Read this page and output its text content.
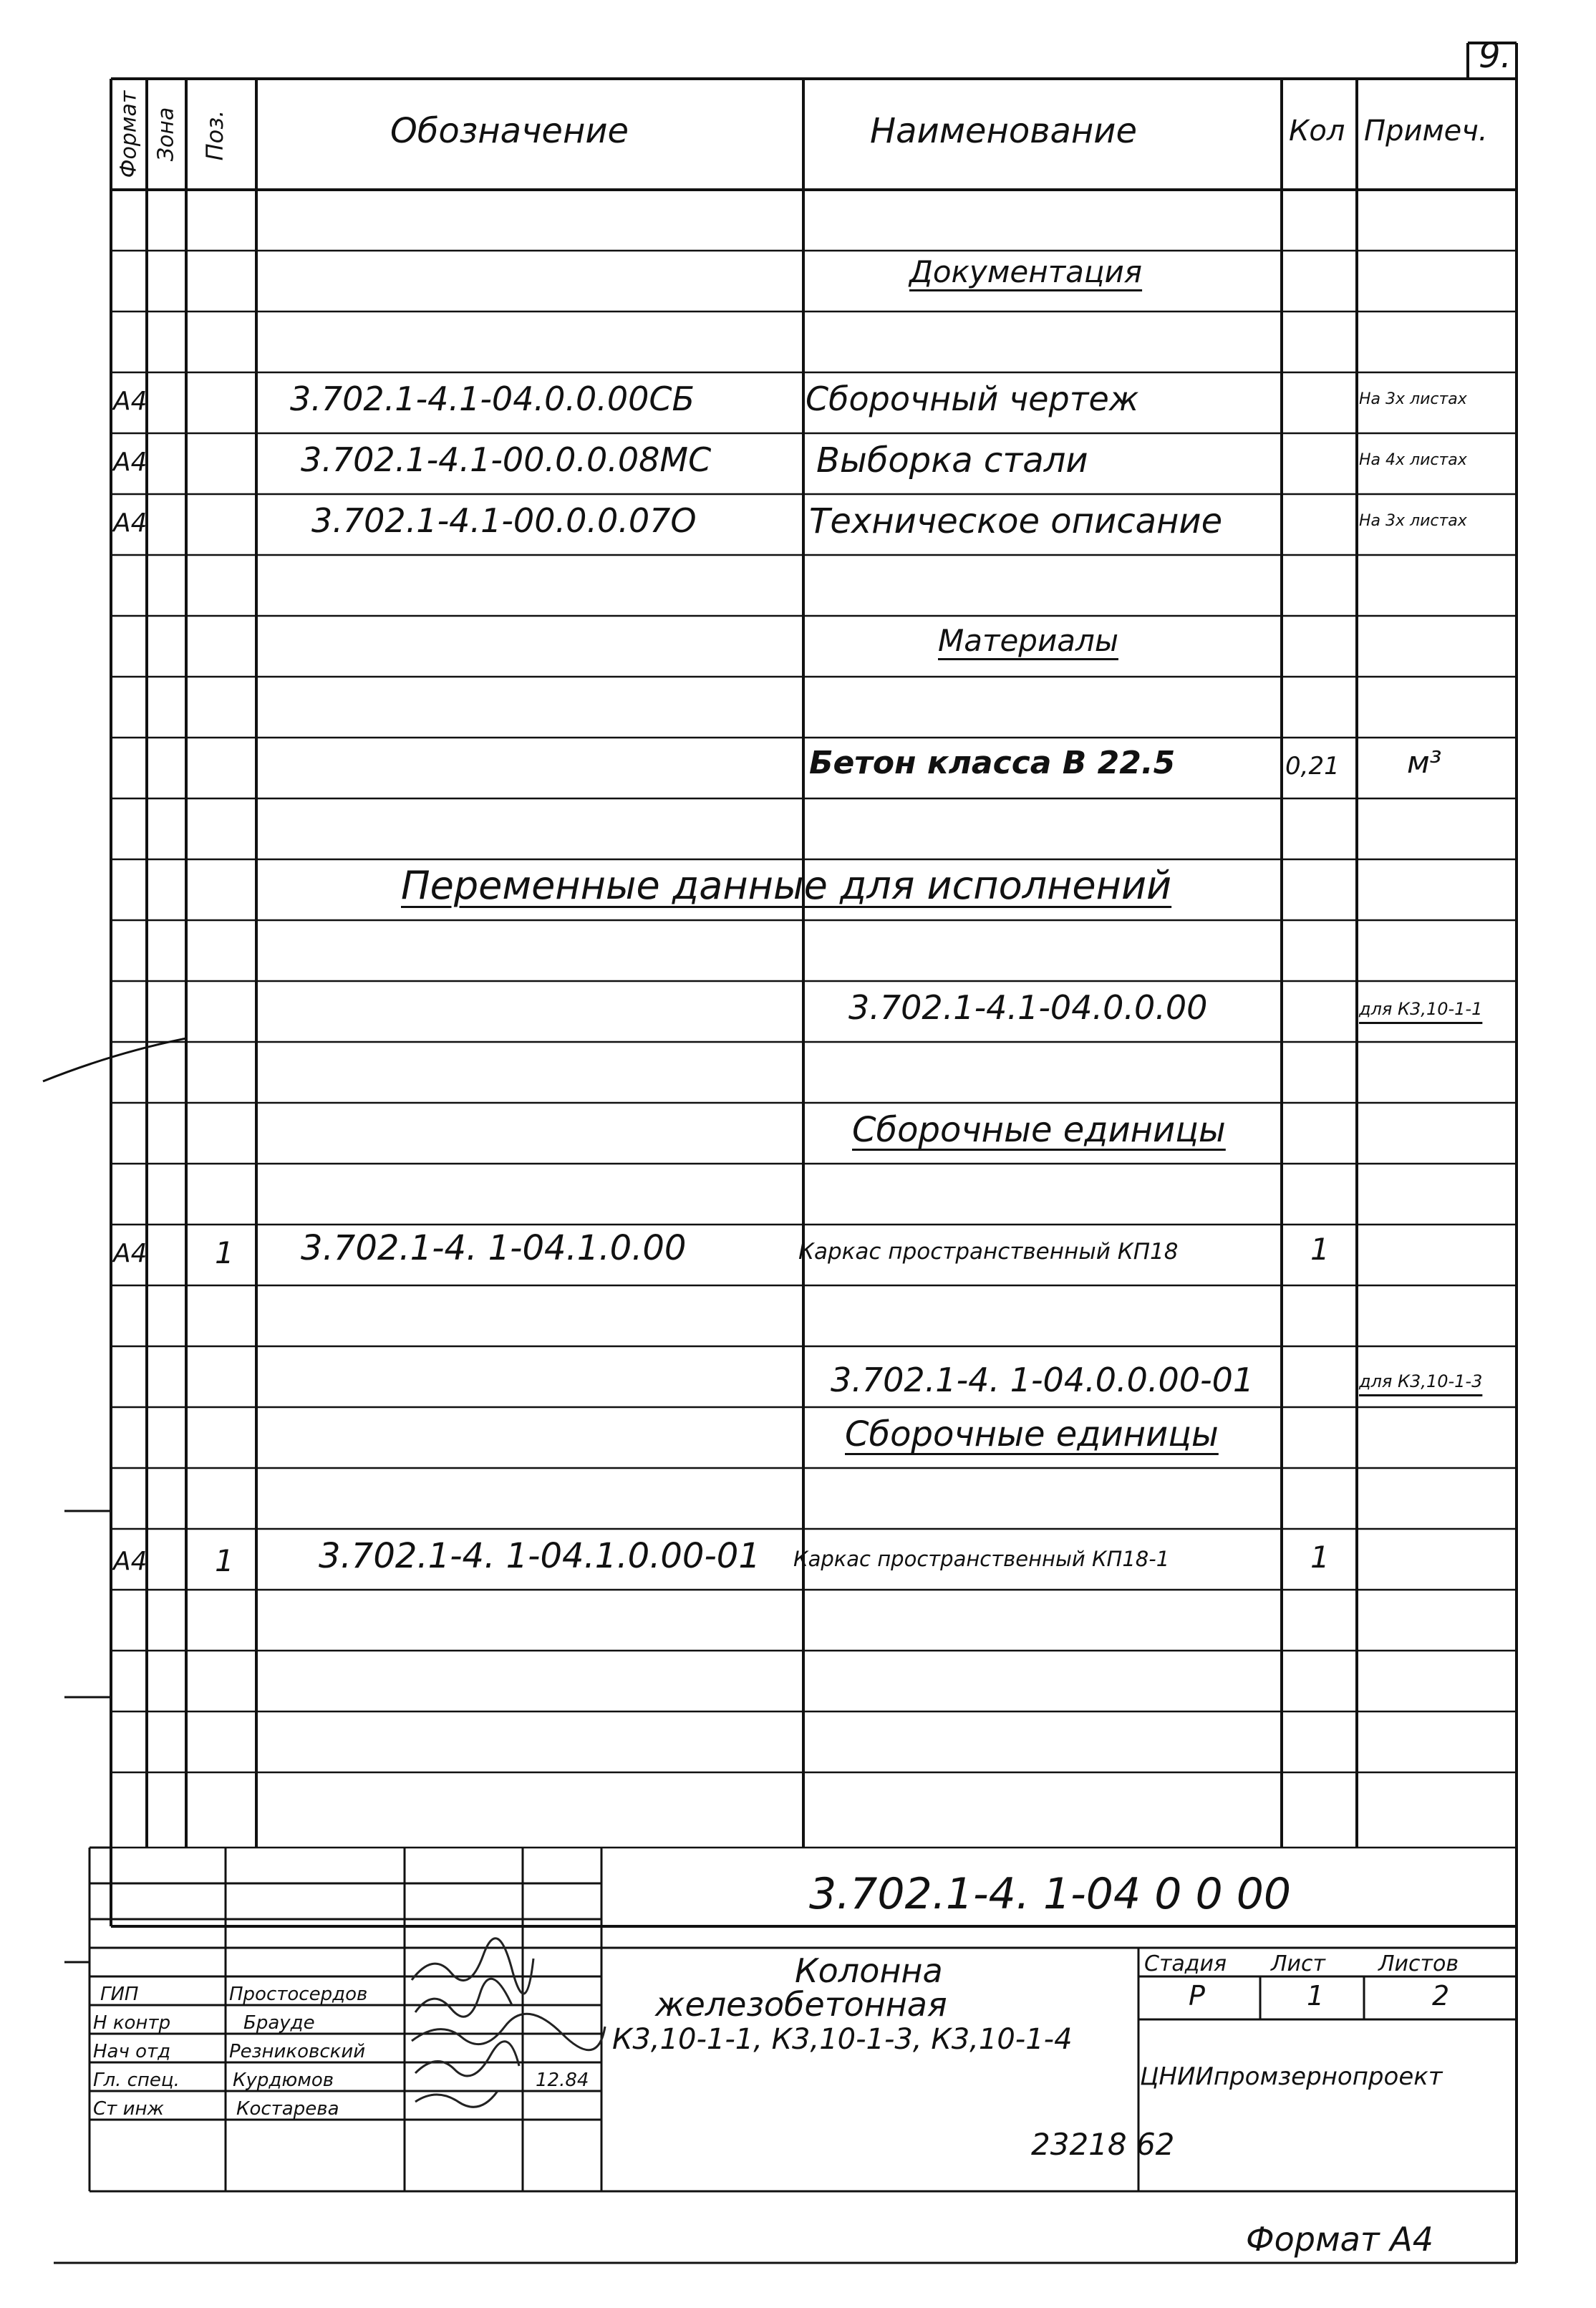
9.
Формат Зона Поз.	Обозначение	Наименование	Кол Примеч.
Документация
А4	3.702.1-4.1-04.0.0.00СБ	Сборочный чертеж	На 3х листах
А4	3.702.1-4.1-00.0.0.08МС	Выборка стали	На 4х листах
А4	3.702.1-4.1-00.0.0.07О	Техническое описание	На 3х листах
Материалы
Бетон класса В 22.5	0,21 м³
Переменные данные для исполнений
3.702.1-4.1-04.0.0.00	для К3,10-1-1
Сборочные единицы
А4 1 3.702.1-4. 1-04.1.0.00	Каркас пространственный КП18	1
3.702.1-4. 1-04.0.0.00-01	для К3,10-1-3
Сборочные единицы
А4 1 3.702.1-4. 1-04.1.0.00-01 Каркас пространственный КП18-1	1
3.702.1-4. 1-04 0 0 00
Колонна
железобетонная
К3,10-1-1, К3,10-1-3, К3,10-1-4
Стадия Лист Листов
Р	1	2
ЦНИИпромзернопроект
ГИП	Простосердов
Н контр	Брауде
Нач отд	Резниковский
Гл. спец.	Курдюмов
Ст инж	Костарева
12.84
23218 62
Формат А4
